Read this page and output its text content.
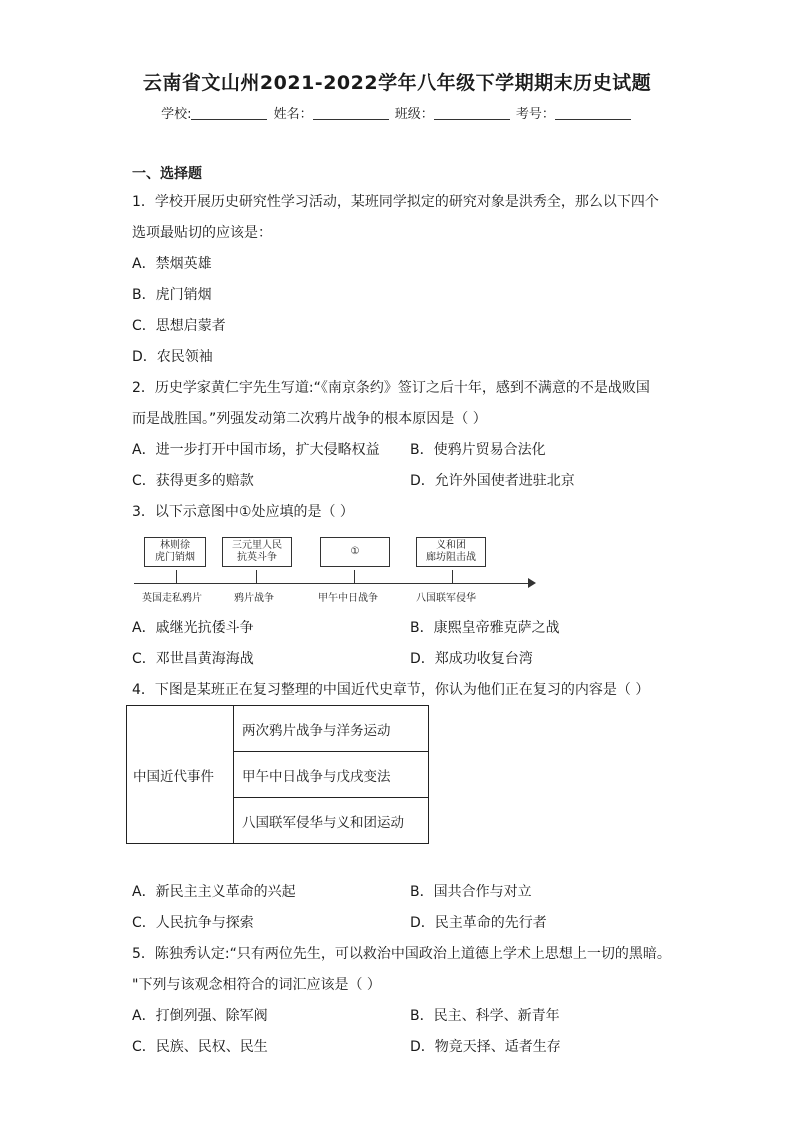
云南省文山州2021-2022学年八年级下学期期末历史试题
学校:	姓名：	班级：	考号：
一、选择题
1．学校开展历史研究性学习活动，某班同学拟定的研究对象是洪秀全，那么以下四个
选项最贴切的应该是：
A．禁烟英雄
B．虎门销烟
C．思想启蒙者
D．农民领袖
2．历史学家黄仁宇先生写道:“《南京条约》签订之后十年，感到不满意的不是战败国
而是战胜国。”列强发动第二次鸦片战争的根本原因是（ ）
A．进一步打开中国市场，扩大侵略权益 B．使鸦片贸易合法化
C．获得更多的赔款	D．允许外国使者进驻北京
3．以下示意图中①处应填的是（ ）
林则徐
虎门销烟
三元里人民
抗英斗争
①
义和团
廊坊阻击战
英国走私鸦片	鸦片战争	甲午中日战争	八国联军侵华
A．戚继光抗倭斗争	B．康熙皇帝雅克萨之战
C．邓世昌黄海海战	D．郑成功收复台湾
4．下图是某班正在复习整理的中国近代史章节，你认为他们正在复习的内容是（ ）
中国近代事件	两次鸦片战争与洋务运动
甲午中日战争与戊戌变法
八国联军侵华与义和团运动
A．新民主主义革命的兴起	B．国共合作与对立
C．人民抗争与探索	D．民主革命的先行者
5．陈独秀认定:“只有两位先生，可以救治中国政治上道德上学术上思想上一切的黑暗。
"下列与该观念相符合的词汇应该是（ ）
A．打倒列强、除军阀	B．民主、科学、新青年
C．民族、民权、民生	D．物竞天择、适者生存
